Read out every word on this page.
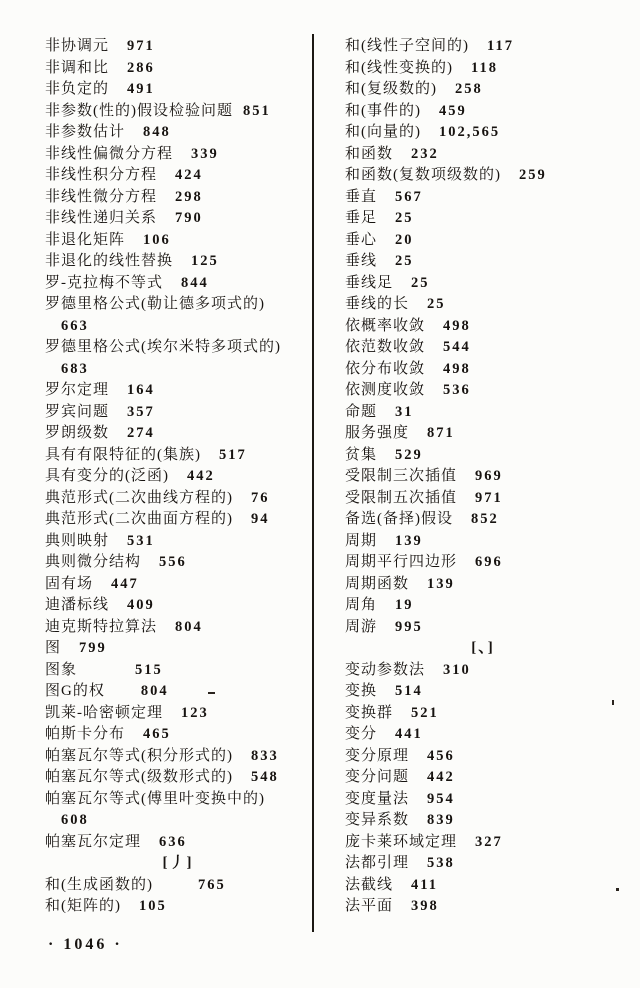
非协调元 971
非调和比 286
非负定的 491
非参数(性的)假设检验问题 851
非参数估计 848
非线性偏微分方程 339
非线性积分方程 424
非线性微分方程 298
非线性递归关系 790
非退化矩阵 106
非退化的线性替换 125
罗-克拉梅不等式 844
罗德里格公式(勒让德多项式的)
663
罗德里格公式(埃尔米特多项式的)
683
罗尔定理 164
罗宾问题 357
罗朗级数 274
具有有限特征的(集族) 517
具有变分的(泛函) 442
典范形式(二次曲线方程的) 76
典范形式(二次曲面方程的) 94
典则映射 531
典则微分结构 556
固有场 447
迪潘标线 409
迪克斯特拉算法 804
图 799
图象	515
图G的权 804
凯莱-哈密顿定理 123
帕斯卡分布 465
帕塞瓦尔等式(积分形式的) 833
帕塞瓦尔等式(级数形式的) 548
帕塞瓦尔等式(傅里叶变换中的)
608
帕塞瓦尔定理 636
[丿]
和(生成函数的)	765
和(矩阵的) 105
和(线性子空间的) 117
和(线性变换的) 118
和(复级数的) 258
和(事件的) 459
和(向量的) 102,565
和函数 232
和函数(复数项级数的) 259
垂直 567
垂足 25
垂心 20
垂线 25
垂线足 25
垂线的长 25
依概率收敛 498
依范数收敛 544
依分布收敛 498
依测度收敛 536
命题 31
服务强度 871
贫集 529
受限制三次插值 969
受限制五次插值 971
备选(备择)假设 852
周期 139
周期平行四边形 696
周期函数 139
周角 19
周游 995
[、]
变动参数法 310
变换 514
变换群 521
变分 441
变分原理 456
变分问题 442
变度量法 954
变异系数 839
庞卡莱环域定理 327
法都引理 538
法截线 411
法平面 398
· 1046 ·
